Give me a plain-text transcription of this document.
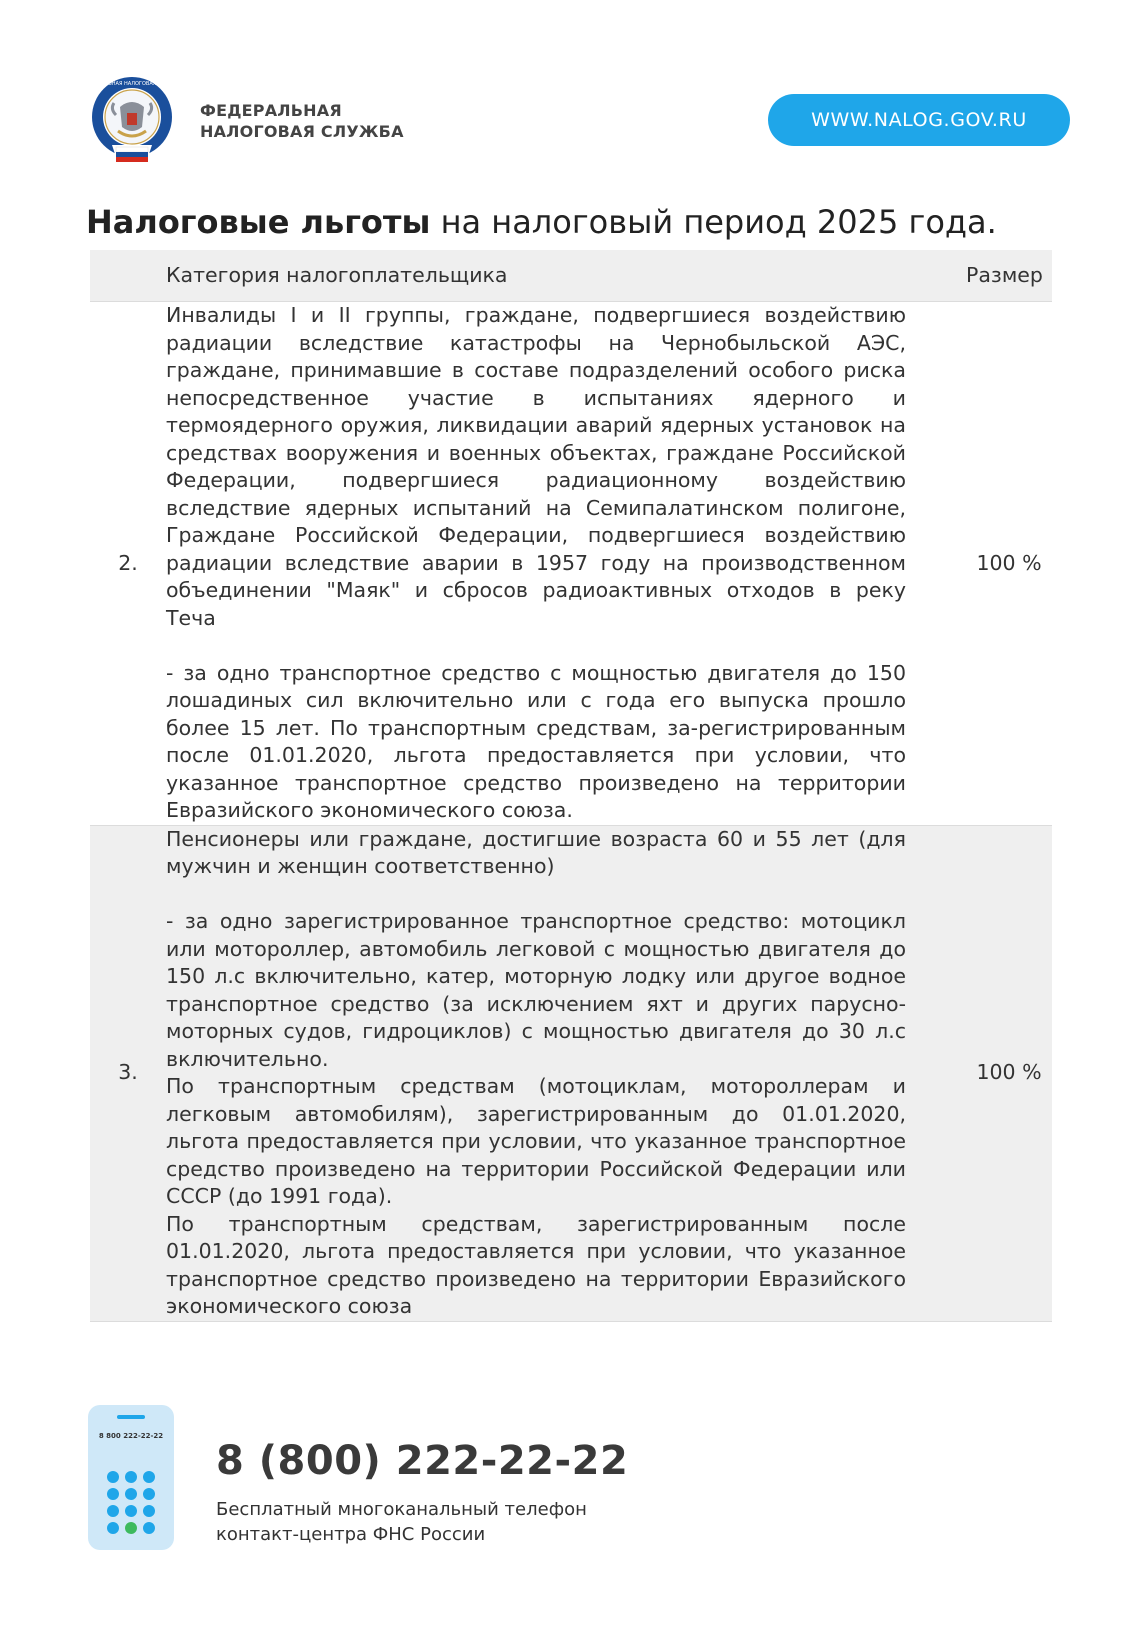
ФЕДЕРАЛЬНАЯ НАЛОГОВАЯ СЛУЖБА
ФЕДЕРАЛЬНАЯ
НАЛОГОВАЯ СЛУЖБА
WWW.NALOG.GOV.RU
Налоговые льготы на налоговый период 2025 года.
	Категория налогоплательщика	Размер
2.	Инвалиды I и II группы, граждане, подвергшиеся воздействию радиации вследствие катастрофы на Чернобыльской АЭС, граждане, принимавшие в составе подразделений особого риска непосредственное участие в испытаниях ядерного и термоядерного оружия, ликвидации аварий ядерных установок на средствах вооружения и военных объектах, граждане Российской Федерации, подвергшиеся радиационному воздействию вследствие ядерных испытаний на Семипалатинском полигоне, Граждане Российской Федерации, подвергшиеся воздействию радиации вследствие аварии в 1957 году на производственном объединении "Маяк" и сбросов радиоактивных отходов в реку Теча

- за одно транспортное средство с мощностью двигателя до 150 лошадиных сил включительно или с года его выпуска прошло более 15 лет. По транспортным средствам, за-регистрированным после 01.01.2020, льгота предоставляется при условии, что указанное транспортное средство произведено на территории Евразийского экономического союза.	100 %
3.	Пенсионеры или граждане, достигшие возраста 60 и 55 лет (для мужчин и женщин соответственно)

- за одно зарегистрированное транспортное средство: мотоцикл или мотороллер, автомобиль легковой с мощностью двигателя до 150 л.с включительно, катер, моторную лодку или другое водное транспортное средство (за исключением яхт и других парусно-моторных судов, гидроциклов) с мощностью двигателя до 30 л.с включительно.

По транспортным средствам (мотоциклам, мотороллерам и легковым автомобилям), зарегистрированным до 01.01.2020, льгота предоставляется при условии, что указанное транспортное средство произведено на территории Российской Федерации или СССР (до 1991 года).

По транспортным средствам, зарегистрированным после 01.01.2020, льгота предоставляется при условии, что указанное транспортное средство произведено на территории Евразийского экономического союза	100 %
8 800 222-22-22
8 (800) 222-22-22
Бесплатный многоканальный телефон
контакт-центра ФНС России
